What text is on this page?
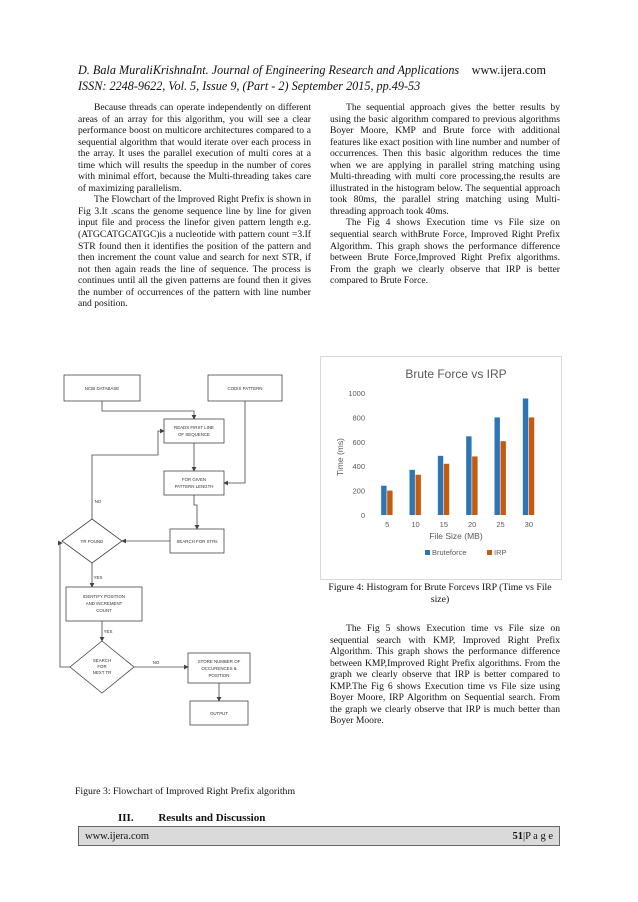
D. Bala MuraliKrishnaInt. Journal of Engineering Research and Applications www.ijera.com
ISSN: 2248-9622, Vol. 5, Issue 9, (Part - 2) September 2015, pp.49-53

Because threads can operate independently on different areas of an array for this algorithm, you will see a clear performance boost on multicore architectures compared to a sequential algorithm that would iterate over each process in the array. It uses the parallel execution of multi cores at a time which will results the speedup in the number of cores with minimal effort, because the Multi-threading takes care of maximizing parallelism.

The Flowchart of the Improved Right Prefix is shown in Fig 3.It .scans the genome sequence line by line for given input file and process the linefor given pattern length e.g. (ATGCATGCATGC)is a nucleotide with pattern count =3.If STR found then it identifies the position of the pattern and then increment the count value and search for next STR, if not then again reads the line of sequence. The process is continues until all the given patterns are found then it gives the number of occurrences of the pattern with line number and position.

The sequential approach gives the better results by using the basic algorithm compared to previous algorithms Boyer Moore, KMP and Brute force with additional features like exact position with line number and number of occurrences. Then this basic algorithm reduces the time when we are applying in parallel string matching using Multi-threading with multi core processing,the results are illustrated in the histogram below. The sequential approach took 80ms, the parallel string matching using Multi-threading approach took 40ms.

The Fig 4 shows Execution time vs File size on sequential search withBrute Force, Improved Right Prefix Algorithm. This graph shows the performance difference between Brute Force,Improved Right Prefix algorithms. From the graph we clearly observe that IRP is better compared to Brute Force.

NCBI DATABASE	CODIS PATTERN
READS FIRST LINE
OF SEQUENCE
FOR GIVEN
PATTERN LENGTH
TR FOUND	SEARCH FOR STRs
NO
YES
IDENTIFY POSITION
AND INCREMENT
COUNT
YES
SEARCH
FOR
NEXT TR
NO	STORE NUMBER OF
OCCURENCES &
POSITION
OUTPUT
Figure 3: Flowchart of Improved Right Prefix algorithm
Brute Force vs IRP
Time (ms)
File Size (MB)
0
200
400
600
800
1000
5	10	15	20	25	30
Bruteforce	IRP
Figure 4: Histogram for Brute Forcevs IRP (Time vs File size)

The Fig 5 shows Execution time vs File size on sequential search with KMP, Improved Right Prefix Algorithm. This graph shows the performance difference between KMP,Improved Right Prefix algorithms. From the graph we clearly observe that IRP is better compared to KMP.The Fig 6 shows Execution time vs File size using Boyer Moore, IRP Algorithm on Sequential search. From the graph we clearly observe that IRP is much better than Boyer Moore.

III. Results and Discussion
www.ijera.com	51|P a g e
